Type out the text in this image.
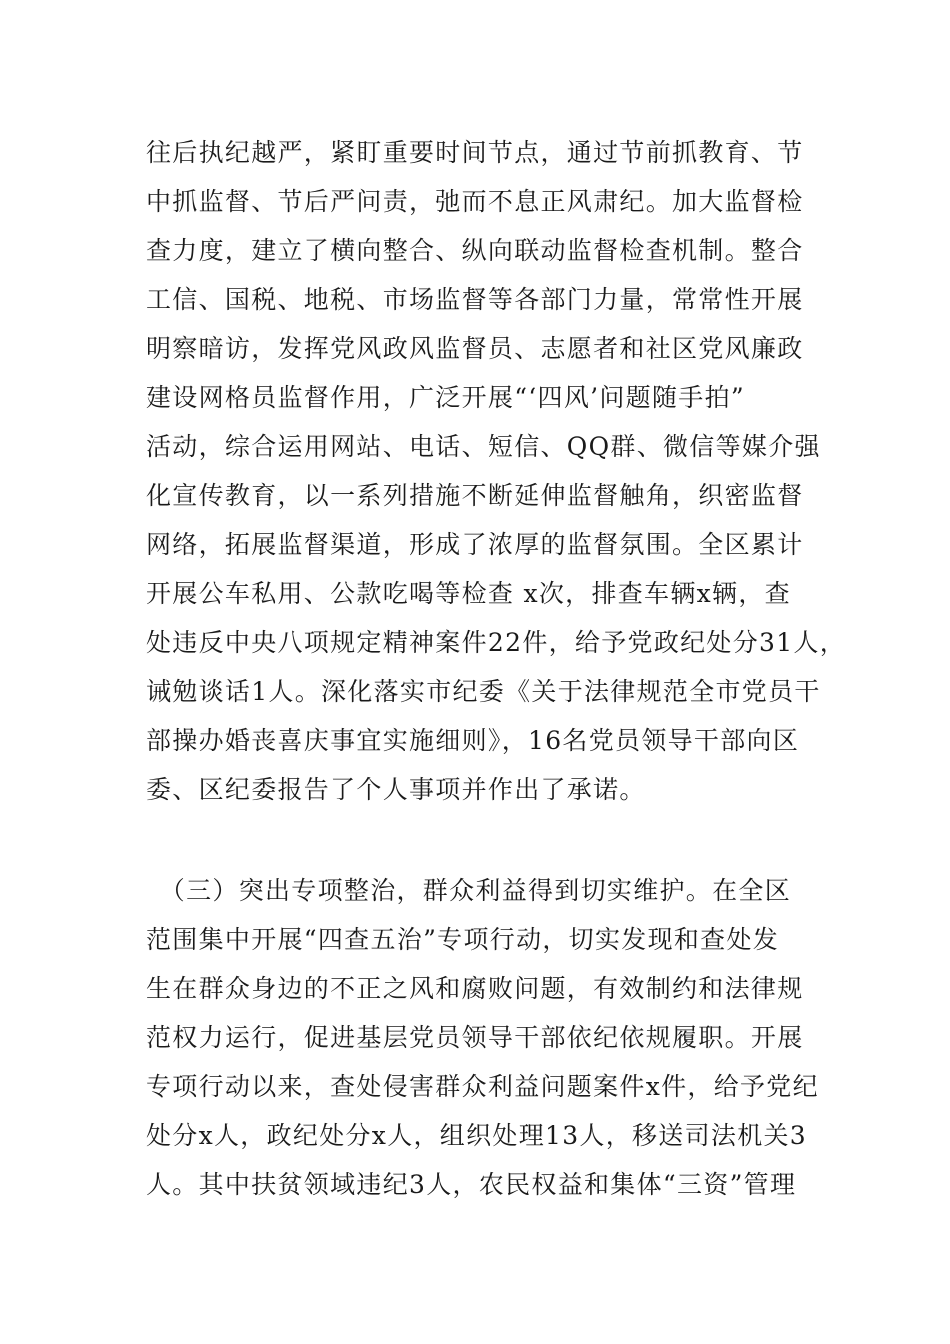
往后执纪越严，紧盯重要时间节点，通过节前抓教育、节
中抓监督、节后严问责，弛而不息正风肃纪。加大监督检
查力度，建立了横向整合、纵向联动监督检查机制。整合
工信、国税、地税、市场监督等各部门力量，常常性开展
明察暗访，发挥党风政风监督员、志愿者和社区党风廉政
建设网格员监督作用，广泛开展“‘四风’问题随手拍”
活动，综合运用网站、电话、短信、QQ群、微信等媒介强
化宣传教育，以一系列措施不断延伸监督触角，织密监督
网络，拓展监督渠道，形成了浓厚的监督氛围。全区累计
开展公车私用、公款吃喝等检查 x次，排查车辆x辆，查
处违反中央八项规定精神案件22件，给予党政纪处分31人，
诫勉谈话1人。深化落实市纪委《关于法律规范全市党员干
部操办婚丧喜庆事宜实施细则》，16名党员领导干部向区
委、区纪委报告了个人事项并作出了承诺。
　（三）突出专项整治，群众利益得到切实维护。在全区
范围集中开展“四查五治”专项行动，切实发现和查处发
生在群众身边的不正之风和腐败问题，有效制约和法律规
范权力运行，促进基层党员领导干部依纪依规履职。开展
专项行动以来，查处侵害群众利益问题案件x件，给予党纪
处分x人，政纪处分x人，组织处理13人，移送司法机关3
人。其中扶贫领域违纪3人，农民权益和集体“三资”管理
